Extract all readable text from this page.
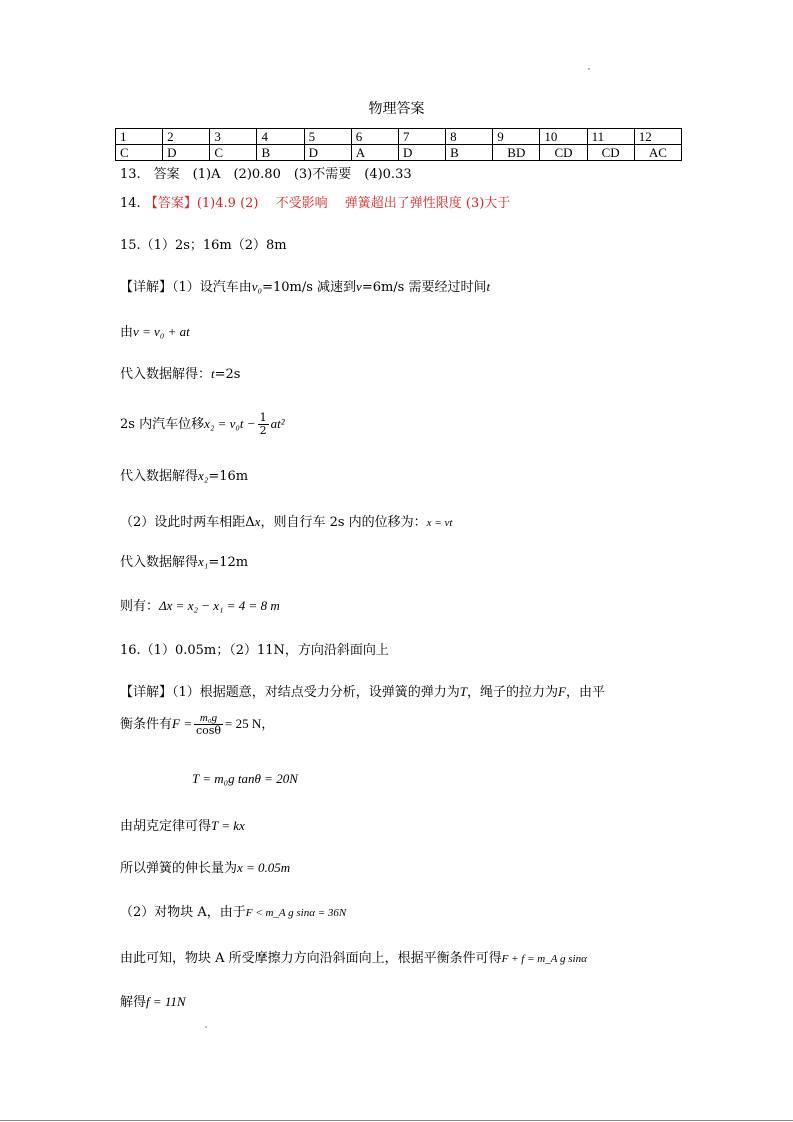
物理答案
1	2	3	4	5	6	7	8	9	10	11	12
C	D	C	B	D	A	D	B	BD	CD	CD	AC
13.　答案　(1)A　(2)0.80　(3)不需要　(4)0.33
14. 【答案】(1)4.9 (2)　 不受影响　 弹簧超出了弹性限度 (3)大于
15.（1）2s；16m（2）8m
【详解】（1）设汽车由v₀=10m/s 减速到v=6m/s 需要经过时间t
由v = v₀ + at
代入数据解得：t=2s
2s 内汽车位移$x_2 = v_0t - \frac{1}{2} at^2$
代入数据解得x₂=16m
（2）设此时两车相距Δx，则自行车 2s 内的位移为：x = vt
代入数据解得x₁=12m
则有：Δx = x₂ − x₁ = 4 = 8 m
16.（1）0.05m；（2）11N，方向沿斜面向上
【详解】（1）根据题意，对结点受力分析，设弹簧的弹力为T，绳子的拉力为F，由平
衡条件有$F = \frac{\text{m₀g}}{\cos\theta} = 25$ N，
T = m₀g tanθ = 20N
由胡克定律可得T = kx
所以弹簧的伸长量为x = 0.05m
（2）对物块 A，由于F < m_A g sinα = 36N
由此可知，物块 A 所受摩擦力方向沿斜面向上，根据平衡条件可得F + f = m_A g sinα
解得f = 11N
